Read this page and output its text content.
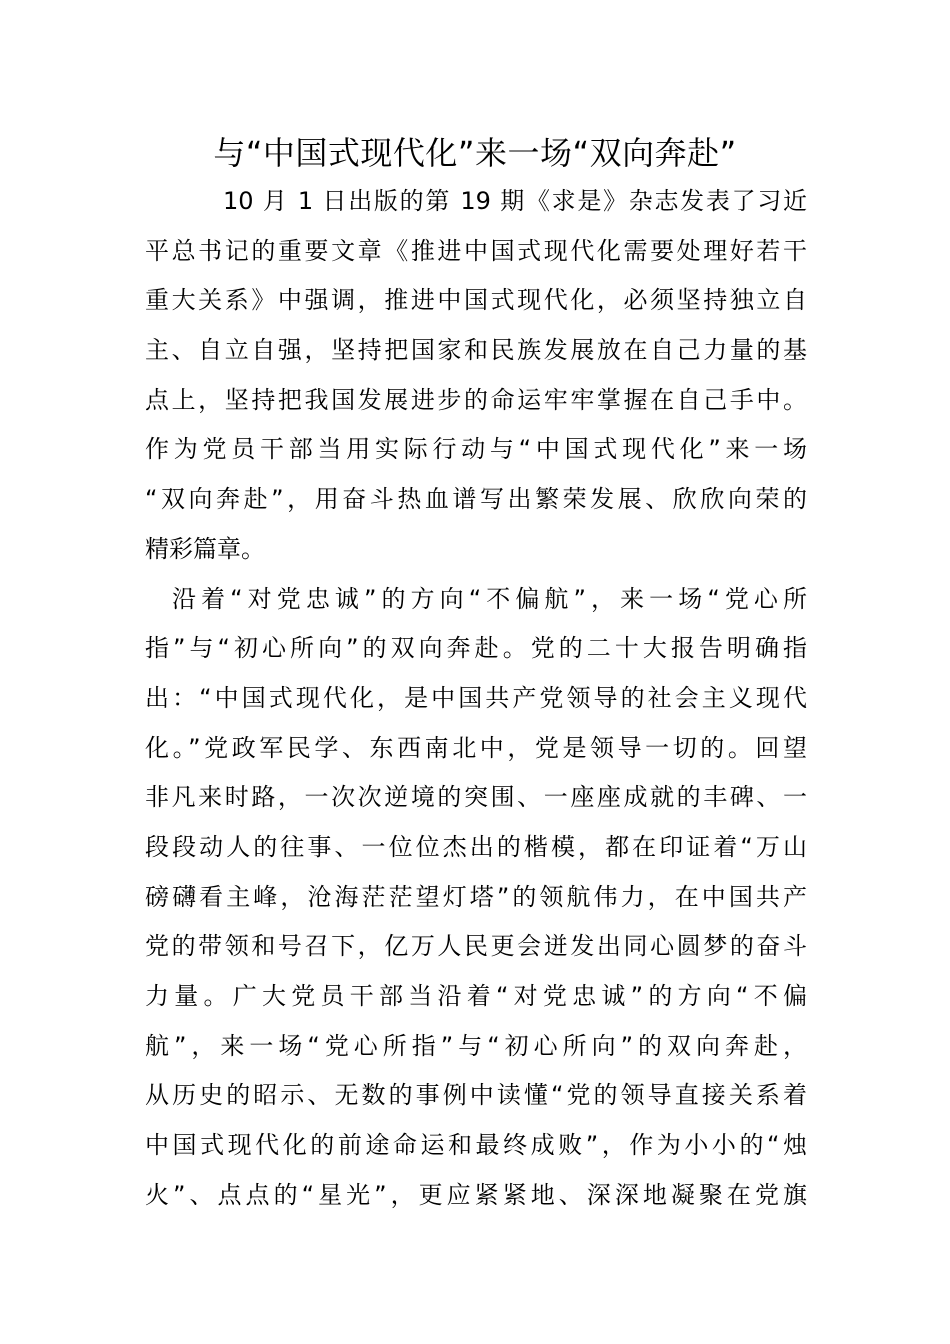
与“中国式现代化”来一场“双向奔赴”
10 月 1 日出版的第 19 期《求是》杂志发表了习近
平总书记的重要文章《推进中国式现代化需要处理好若干
重大关系》中强调，推进中国式现代化，必须坚持独立自
主、自立自强，坚持把国家和民族发展放在自己力量的基
点上，坚持把我国发展进步的命运牢牢掌握在自己手中。
作为党员干部当用实际行动与“中国式现代化”来一场
“双向奔赴”，用奋斗热血谱写出繁荣发展、欣欣向荣的
精彩篇章。
沿着“对党忠诚”的方向“不偏航”，来一场“党心所
指”与“初心所向”的双向奔赴。党的二十大报告明确指
出：“中国式现代化，是中国共产党领导的社会主义现代
化。”党政军民学、东西南北中，党是领导一切的。回望
非凡来时路，一次次逆境的突围、一座座成就的丰碑、一
段段动人的往事、一位位杰出的楷模，都在印证着“万山
磅礴看主峰，沧海茫茫望灯塔”的领航伟力，在中国共产
党的带领和号召下，亿万人民更会迸发出同心圆梦的奋斗
力量。广大党员干部当沿着“对党忠诚”的方向“不偏
航”，来一场“党心所指”与“初心所向”的双向奔赴，
从历史的昭示、无数的事例中读懂“党的领导直接关系着
中国式现代化的前途命运和最终成败”，作为小小的“烛
火”、点点的“星光”，更应紧紧地、深深地凝聚在党旗
